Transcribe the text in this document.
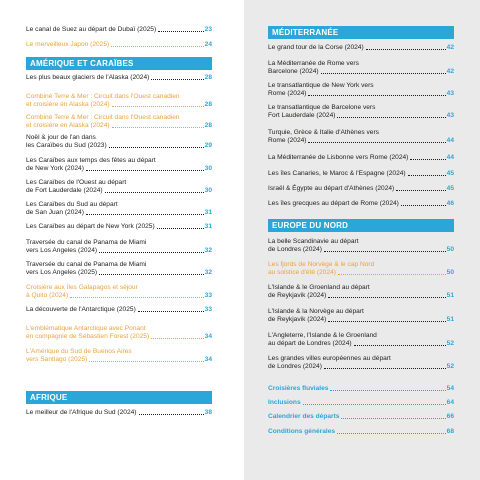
Le canal de Suez au départ de Dubaï (2025)	23
Le merveilleux Japon (2025)	24
AMÉRIQUE ET CARAÏBES
Les plus beaux glaciers de l'Alaska (2024)	28
Combiné Terre & Mer : Circuit dans l'Ouest canadien
et croisière en Alaska (2024)	28
Combiné Terre & Mer : Circuit dans l'Ouest canadien
et croisière en Alaska (2024)	28
Noël & jour de l'an dans
les Caraïbes du Sud (2023)	29
Les Caraïbes aux temps des fêtes au départ
de New York (2024)	30
Les Caraïbes de l'Ouest au départ
de Fort Lauderdale (2024)	30
Les Caraïbes du Sud au départ
de San Juan (2024)	31
Les Caraïbes au départ de New York (2025)	31
Traversée du canal de Panama de Miami
vers Los Angeles (2024)	32
Traversée du canal de Panama de Miami
vers Los Angeles (2025)	32
Croisière aux îles Galapagos et séjour
à Quito (2024)	33
La découverte de l'Antarctique (2025)	33
L'emblématique Antarctique avec Ponant
en compagnie de Sébastien Forest (2025)	34
L'Amérique du Sud de Buenos Aires
vers Santiago (2025)	34
AFRIQUE
Le meilleur de l'Afrique du Sud (2024)	38
MÉDITERRANÉE
Le grand tour de la Corse (2024)	42
La Méditerranée de Rome vers
Barcelone (2024)	42
Le transatlantique de New York vers
Rome (2024)	43
Le transatlantique de Barcelone vers
Fort Lauderdale (2024)	43
Turquie, Grèce & Italie d'Athènes vers
Rome (2024)	44
La Méditerranée de Lisbonne vers Rome (2024)	44
Les îles Canaries, le Maroc & l'Espagne (2024)	45
Israël & Égypte au départ d'Athènes (2024)	45
Les îles grecques au départ de Rome (2024)	46
EUROPE DU NORD
La belle Scandinavie au départ
de Londres (2024)	50
Les fjords de Norvège & le cap Nord
au solstice d'été (2024)	50
L'Islande & le Groenland au départ
de Reykjavik (2024)	51
L'Islande & la Norvège au départ
de Reykjavik (2024)	51
L'Angleterre, l'Islande & le Groenland
au départ de Londres (2024)	52
Les grandes villes européennes au départ
de Londres (2024)	52
Croisières fluviales	54
Inclusions	64
Calendrier des départs	66
Conditions générales	68
